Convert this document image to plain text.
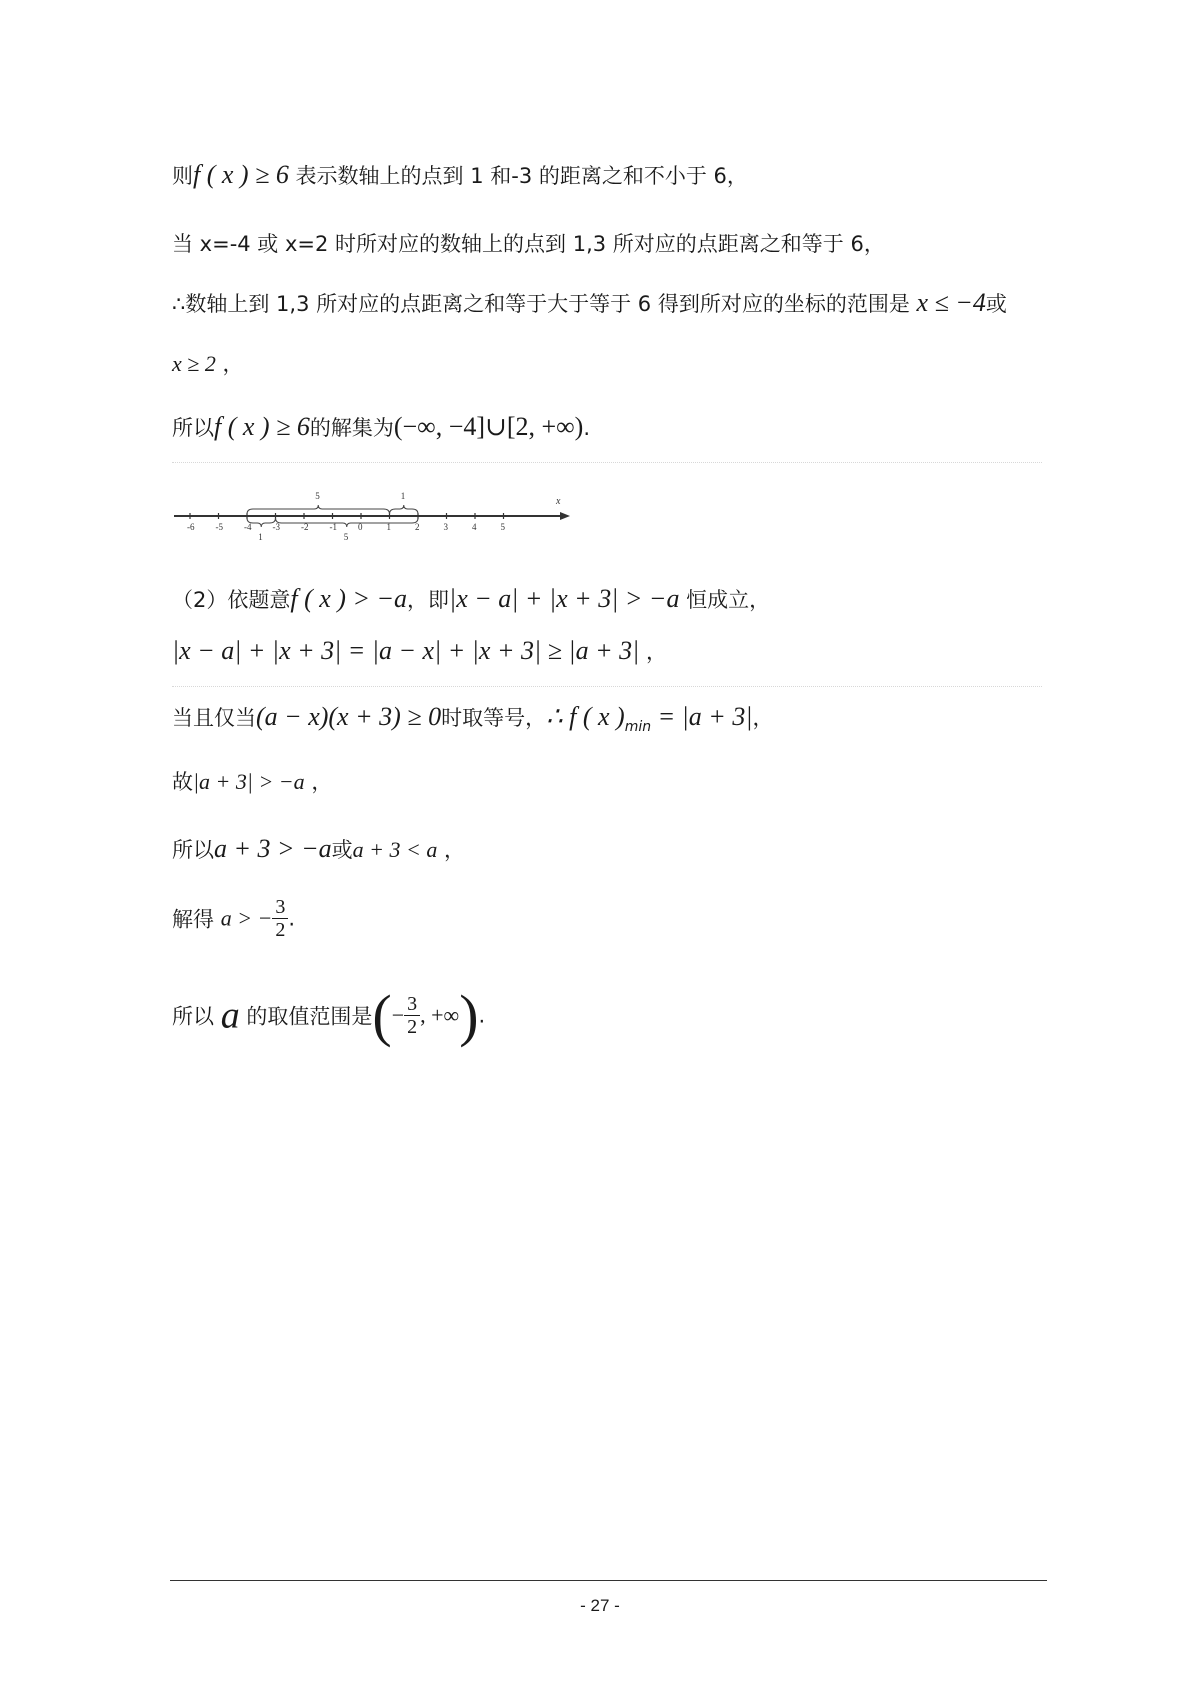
则f ( x ) ≥ 6 表示数轴上的点到 1 和-3 的距离之和不小于 6，
当 x=-4 或 x=2 时所对应的数轴上的点到 1,3 所对应的点距离之和等于 6，
∴数轴上到 1,3 所对应的点距离之和等于大于等于 6 得到所对应的坐标的范围是 x ≤ −4或
x ≥ 2 ，
所以f ( x ) ≥ 6的解集为(−∞, −4]∪[2, +∞).
x
-6 -5 -4 -3 -2 -1 0	1	2	3	4	5
5	1
1	5
（2）依题意f ( x ) > −a，即|x − a| + |x + 3| > −a 恒成立，
|x − a| + |x + 3| = |a − x| + |x + 3| ≥ |a + 3| ，
当且仅当(a − x)(x + 3) ≥ 0时取等号，∴ f ( x )$_{min} = |a + 3|$，
故|a + 3| > −a ，
所以a + 3 > −a或a + 3 < a ，
解得 a > − $\frac{3}{2}$ .
所以 a 的取值范围是(− $\frac{3}{2}$ , +∞).
- 27 -
